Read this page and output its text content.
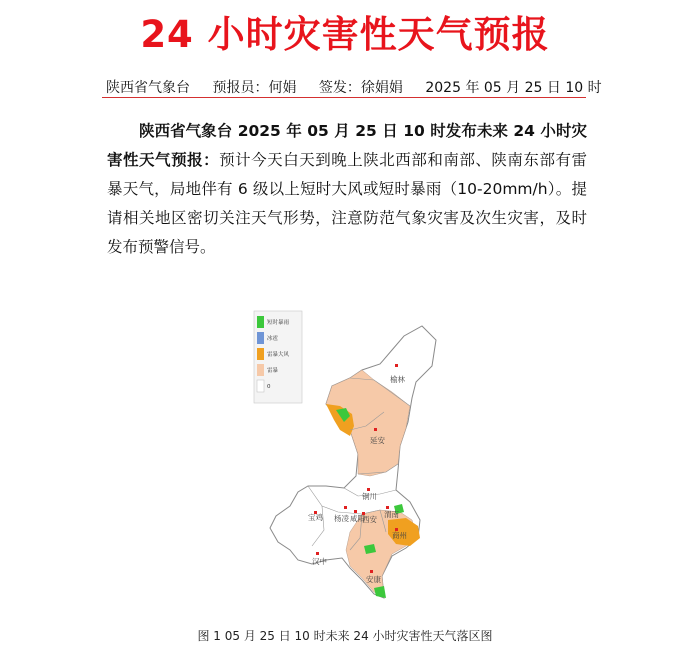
24 小时灾害性天气预报
陕西省气象台 预报员：何娟 签发：徐娟娟 2025 年 05 月 25 日 10 时
陕西省气象台 2025 年 05 月 25 日 10 时发布未来 24 小时灾害性天气预报：预计今天白天到晚上陕北西部和南部、陕南东部有雷暴天气，局地伴有 6 级以上短时大风或短时暴雨（10-20mm/h）。提请相关地区密切关注天气形势，注意防范气象灾害及次生灾害，及时发布预警信号。
短时暴雨
冰雹
雷暴大风
雷暴
0
榆林
延安
铜川
渭南
宝鸡 杨凌 咸阳
西安
商州
汉中
安康
图 1 05 月 25 日 10 时未来 24 小时灾害性天气落区图
